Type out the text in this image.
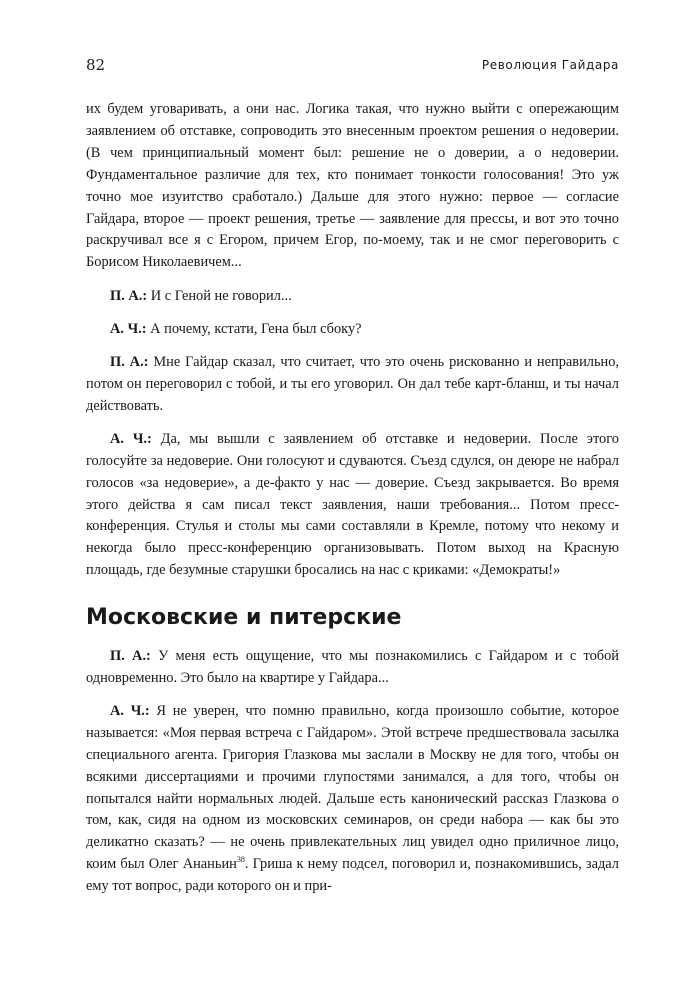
82	Революция Гайдара

их будем уговаривать, а они нас. Логика такая, что нужно выйти с опережающим заявлением об отставке, сопроводить это внесенным проектом решения о недоверии. (В чем принципиальный момент был: решение не о доверии, а о недоверии. Фундаментальное различие для тех, кто понимает тонкости голосования! Это уж точно мое изуитство сработало.) Дальше для этого нужно: первое — согласие Гайдара, второе — проект решения, третье — заявление для прессы, и вот это точно раскручивал все я с Егором, причем Егор, по-моему, так и не смог переговорить с Борисом Николаевичем...

П. А.: И с Геной не говорил...

А. Ч.: А почему, кстати, Гена был сбоку?

П. А.: Мне Гайдар сказал, что считает, что это очень рискованно и неправильно, потом он переговорил с тобой, и ты его уговорил. Он дал тебе карт-бланш, и ты начал действовать.

А. Ч.: Да, мы вышли с заявлением об отставке и недоверии. После этого голосуйте за недоверие. Они голосуют и сдуваются. Съезд сдулся, он деюре не набрал голосов «за недоверие», а де-факто у нас — доверие. Съезд закрывается. Во время этого действа я сам писал текст заявления, наши требования... Потом пресс-конференция. Стулья и столы мы сами составляли в Кремле, потому что некому и некогда было пресс-конференцию организовывать. Потом выход на Красную площадь, где безумные старушки бросались на нас с криками: «Демократы!»

Московские и питерские

П. А.: У меня есть ощущение, что мы познакомились с Гайдаром и с тобой одновременно. Это было на квартире у Гайдара...

А. Ч.: Я не уверен, что помню правильно, когда произошло событие, которое называется: «Моя первая встреча с Гайдаром». Этой встрече предшествовала засылка специального агента. Григория Глазкова мы заслали в Москву не для того, чтобы он всякими диссертациями и прочими глупостями занимался, а для того, чтобы он попытался найти нормальных людей. Дальше есть канонический рассказ Глазкова о том, как, сидя на одном из московских семинаров, он среди набора — как бы это деликатно сказать? — не очень привлекательных лиц увидел одно приличное лицо, коим был Олег Ананьин$^{38}$. Гриша к нему подсел, поговорил и, познакомившись, задал ему тот вопрос, ради которого он и при-
